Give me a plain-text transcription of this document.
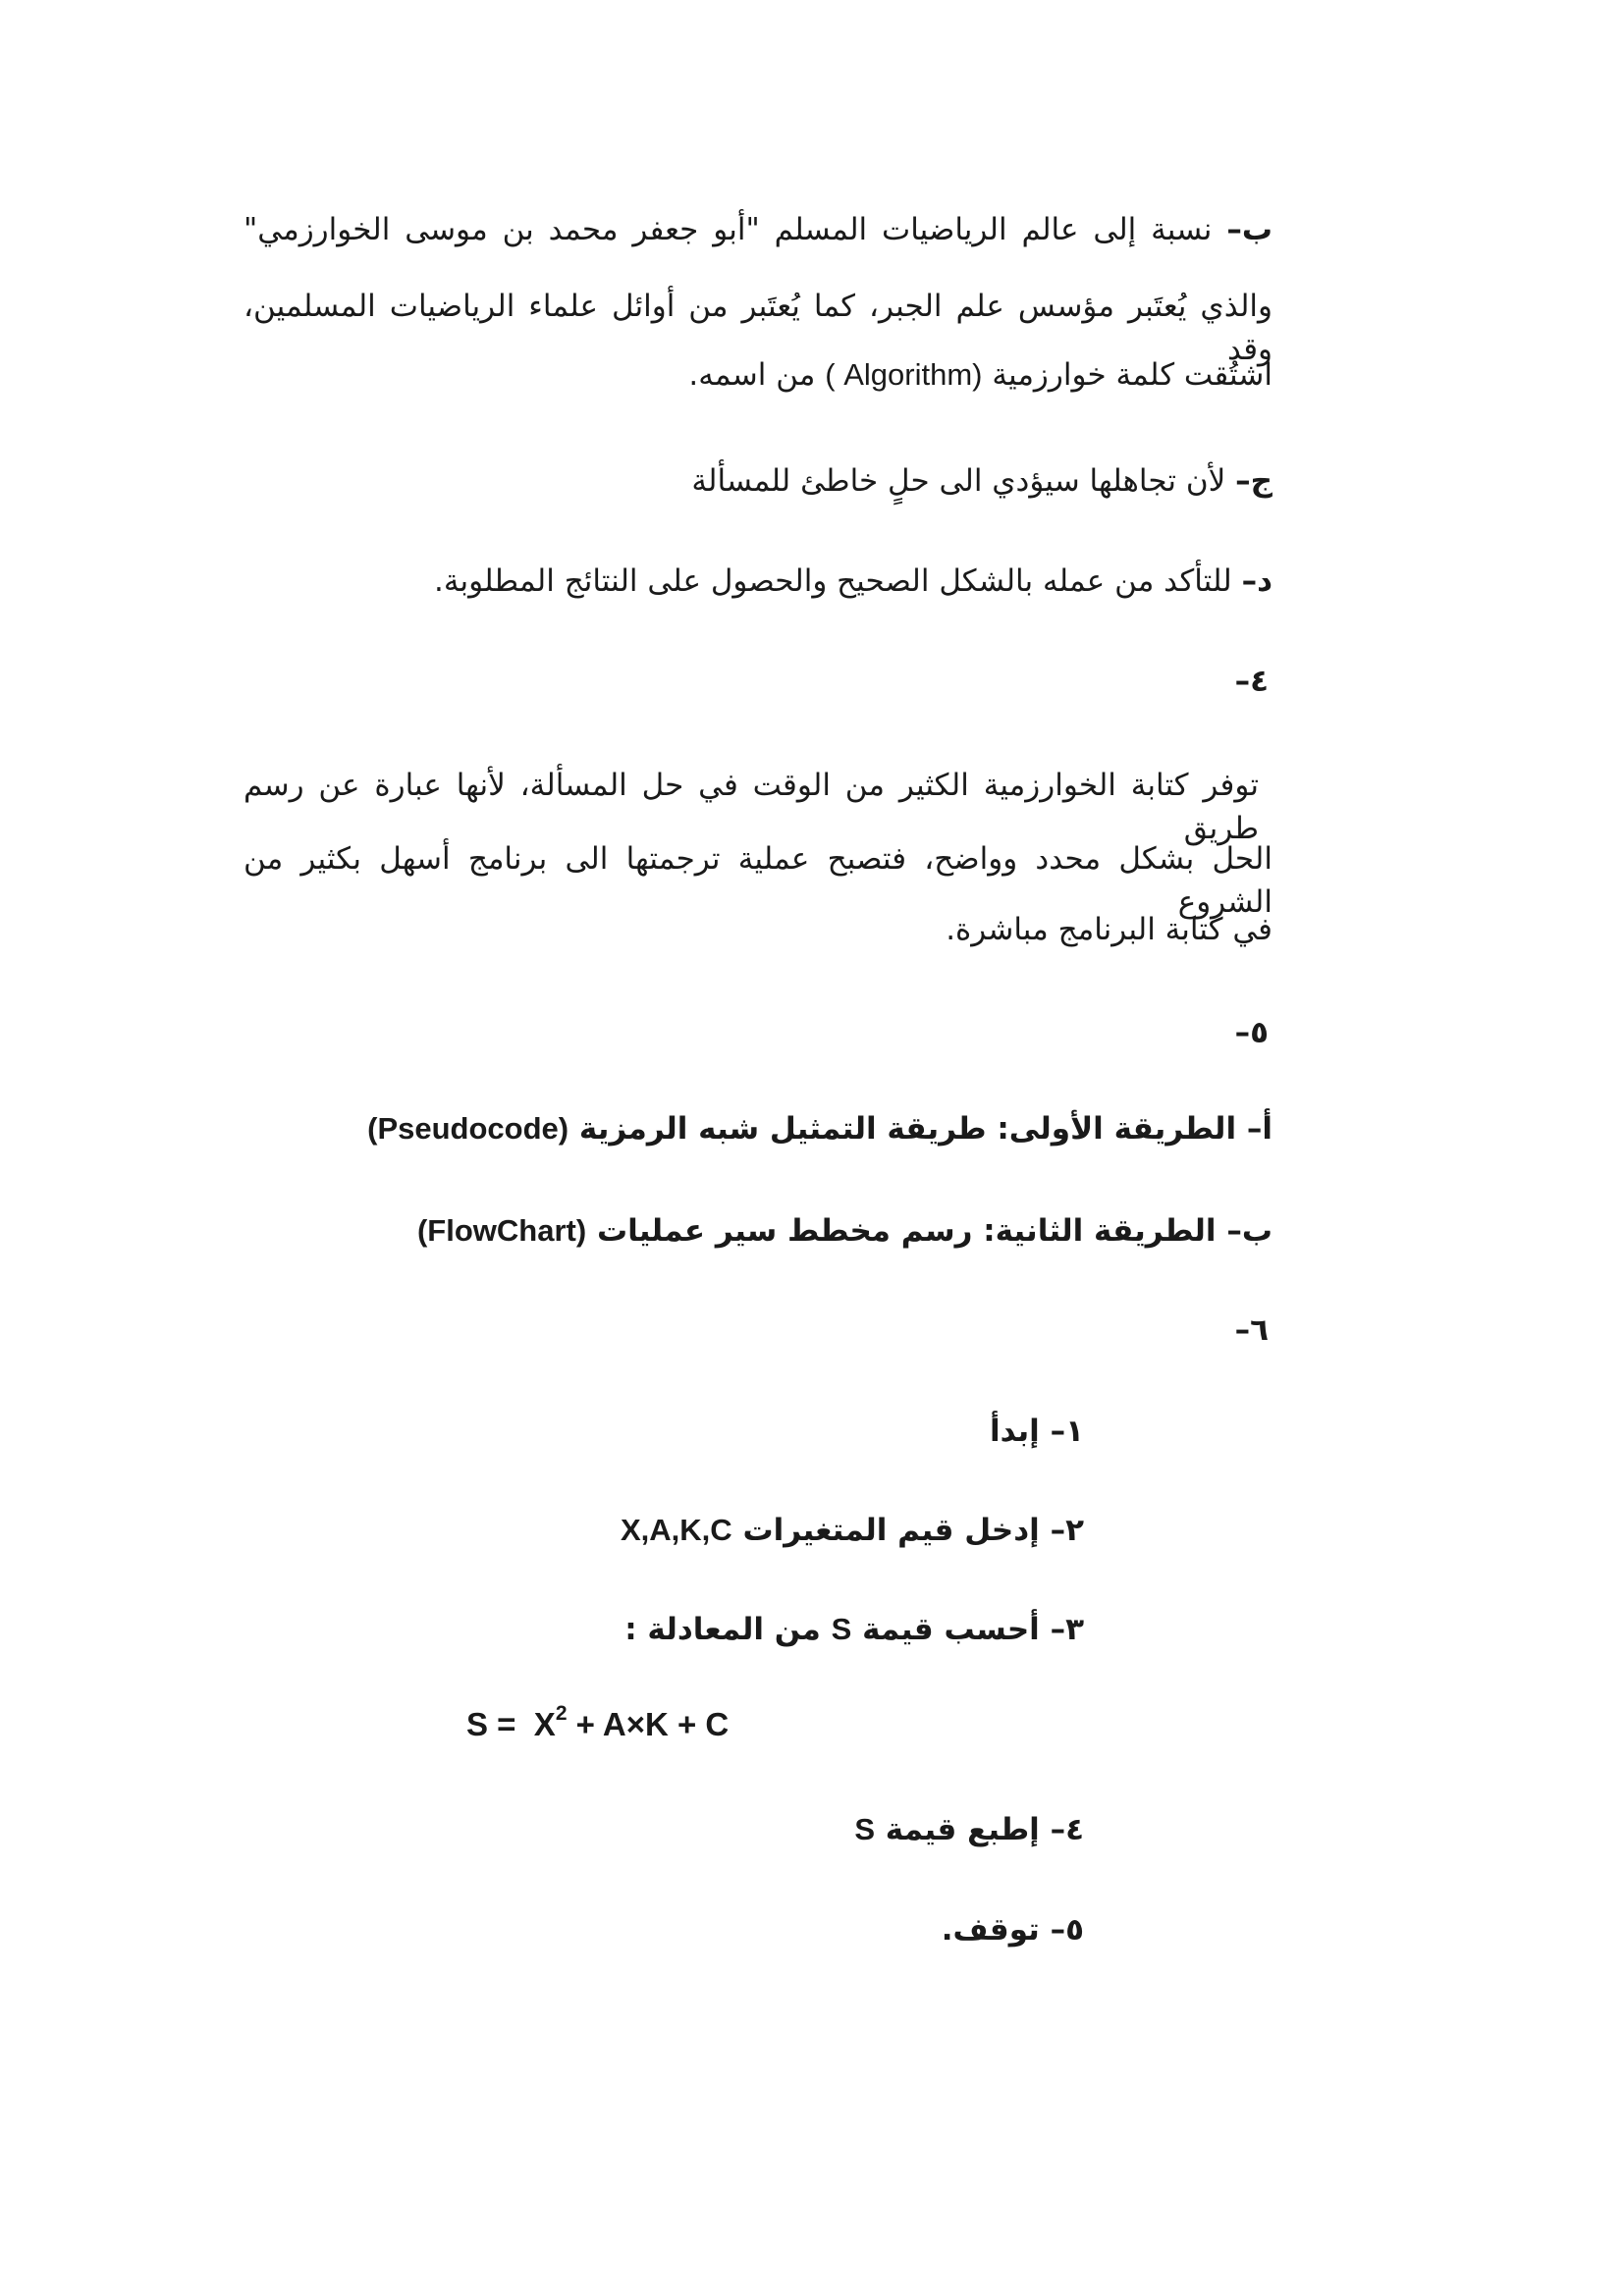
ب– نسبة إلى عالم الرياضيات المسلم "أبو جعفر محمد بن موسى الخوارزمي"
والذي يُعتَبر مؤسس علم الجبر، كما يُعتَبر من أوائل علماء الرياضيات المسلمين، وقد
اشتُقت كلمة خوارزمية ( Algorithm) من اسمه.
ج– لأن تجاهلها سيؤدي الى حلٍ خاطئ للمسألة
د– للتأكد من عمله بالشكل الصحيح والحصول على النتائج المطلوبة.
٤–
توفر كتابة الخوارزمية الكثير من الوقت في حل المسألة، لأنها عبارة عن رسم طريق
الحل بشكل محدد وواضح، فتصبح عملية ترجمتها الى برنامج أسهل بكثير من الشروع
في كتابة البرنامج مباشرة.
٥–
أ– الطريقة الأولى: طريقة التمثيل شبه الرمزية (Pseudocode)
ب– الطريقة الثانية: رسم مخطط سير عمليات (FlowChart)
٦–
١– إبدأ
٢– إدخل قيم المتغيرات X,A,K,C
٣– أحسب قيمة S من المعادلة :
$S = X^2 + A\times K + C$
٤– إطبع قيمة S
٥– توقف.
